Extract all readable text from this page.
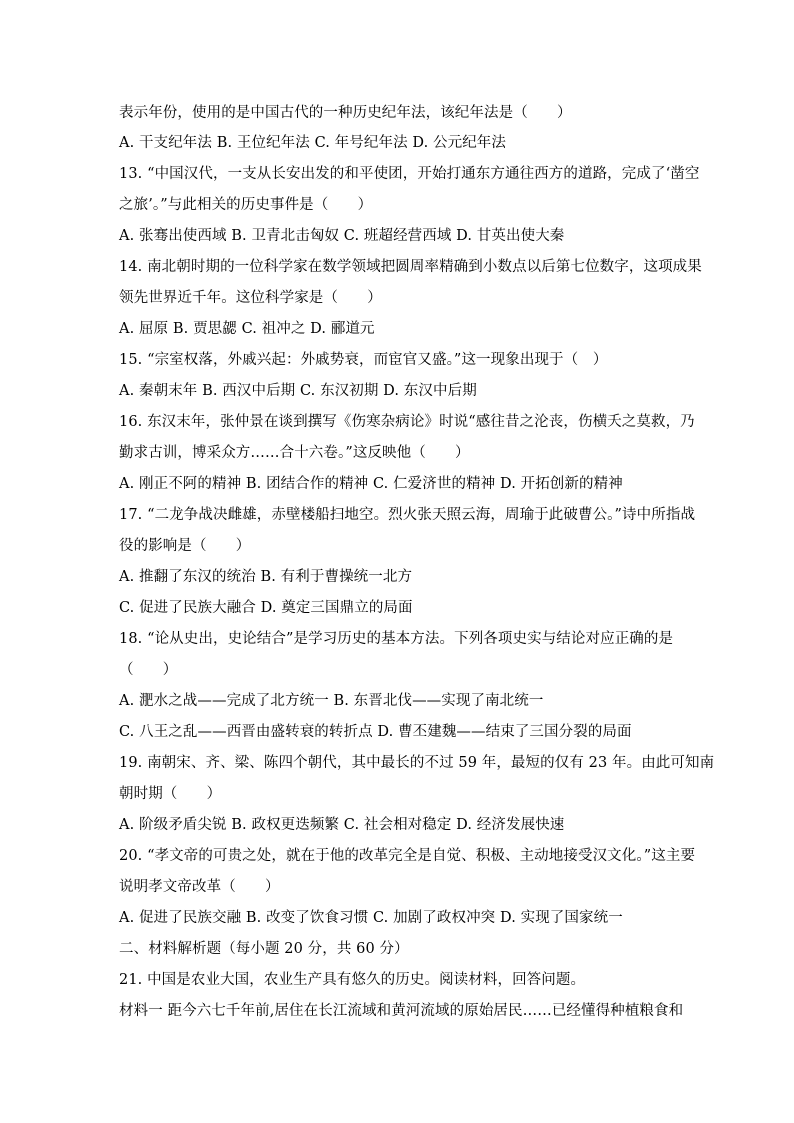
表示年份，使用的是中国古代的一种历史纪年法，该纪年法是（　　）
A. 干支纪年法 B. 王位纪年法 C. 年号纪年法 D. 公元纪年法
13. “中国汉代，一支从长安出发的和平使团，开始打通东方通往西方的道路，完成了‘凿空
之旅’。”与此相关的历史事件是（　　）
A. 张骞出使西域 B. 卫青北击匈奴 C. 班超经营西域 D. 甘英出使大秦
14. 南北朝时期的一位科学家在数学领域把圆周率精确到小数点以后第七位数字，这项成果
领先世界近千年。这位科学家是（　　）
A. 屈原 B. 贾思勰 C. 祖冲之 D. 郦道元
15. “宗室权落，外戚兴起：外戚势衰，而宦官又盛。”这一现象出现于（　）
A. 秦朝末年 B. 西汉中后期 C. 东汉初期 D. 东汉中后期
16. 东汉末年，张仲景在谈到撰写《伤寒杂病论》时说“感往昔之沦丧，伤横夭之莫救，乃
勤求古训，博采众方……合十六卷。”这反映他（　　）
A. 刚正不阿的精神 B. 团结合作的精神 C. 仁爱济世的精神 D. 开拓创新的精神
17. “二龙争战决雌雄，赤壁楼船扫地空。烈火张天照云海，周瑜于此破曹公。”诗中所指战
役的影响是（　　）
A. 推翻了东汉的统治 B. 有利于曹操统一北方
C. 促进了民族大融合 D. 奠定三国鼎立的局面
18. “论从史出，史论结合”是学习历史的基本方法。下列各项史实与结论对应正确的是
（　　）
A. 淝水之战——完成了北方统一 B. 东晋北伐——实现了南北统一
C. 八王之乱——西晋由盛转衰的转折点 D. 曹丕建魏——结束了三国分裂的局面
19. 南朝宋、齐、梁、陈四个朝代，其中最长的不过 59 年，最短的仅有 23 年。由此可知南
朝时期（　　）
A. 阶级矛盾尖锐 B. 政权更迭频繁 C. 社会相对稳定 D. 经济发展快速
20. “孝文帝的可贵之处，就在于他的改革完全是自觉、积极、主动地接受汉文化。”这主要
说明孝文帝改革（　　）
A. 促进了民族交融 B. 改变了饮食习惯 C. 加剧了政权冲突 D. 实现了国家统一
二、材料解析题（每小题 20 分，共 60 分）
21. 中国是农业大国，农业生产具有悠久的历史。阅读材料，回答问题。
材料一 距今六七千年前,居住在长江流域和黄河流域的原始居民……已经懂得种植粮食和
